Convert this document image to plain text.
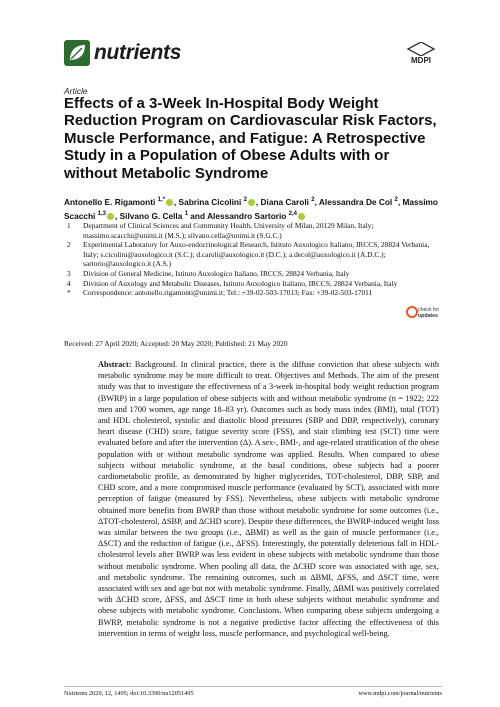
nutrients	MDPI
Article
Effects of a 3-Week In-Hospital Body Weight Reduction Program on Cardiovascular Risk Factors, Muscle Performance, and Fatigue: A Retrospective Study in a Population of Obese Adults with or without Metabolic Syndrome
Antonello E. Rigamonti $^{1,*}$ , Sabrina Cicolini $^2$ , Diana Caroli $^2$, Alessandra De Col $^2$, Massimo Scacchi $^{1,3}$ , Silvano G. Cella $^1$ and Alessandro Sartorio $^{2,4}$
1	Department of Clinical Sciences and Community Health, University of Milan, 20129 Milan, Italy; massimo.scacchi@unimi.it (M.S.); silvano.cella@unimi.it (S.G.C.)
2	Experimental Laboratory for Auxo-endocrinological Research, Istituto Auxologico Italiano, IRCCS, 28824 Verbania, Italy; s.cicolini@auxologico.it (S.C.); d.caroli@auxologico.it (D.C.); a.decol@auxologico.it (A.D.C.); sartorio@auxologico.it (A.S.)
3	Division of General Medicine, Istituto Auxologico Italiano, IRCCS, 28824 Verbania, Italy
4	Division of Auxology and Metabolic Diseases, Istituto Auxologico Italiano, IRCCS, 28824 Verbania, Italy
*	Correspondence: antonello.rigamonti@unimi.it; Tel.: +39-02-503-17013; Fax: +39-02-503-17011
check for
updates
Received: 27 April 2020; Accepted: 20 May 2020; Published: 21 May 2020

Abstract: Background. In clinical practice, there is the diffuse conviction that obese subjects with metabolic syndrome may be more difficult to treat. Objectives and Methods. The aim of the present study was that to investigate the effectiveness of a 3-week in-hospital body weight reduction program (BWRP) in a large population of obese subjects with and without metabolic syndrome (n = 1922; 222 men and 1700 women, age range 18–83 yr). Outcomes such as body mass index (BMI), total (TOT) and HDL cholesterol, systolic and diastolic blood pressures (SBP and DBP, respectively), coronary heart disease (CHD) score, fatigue severity score (FSS), and stair climbing test (SCT) time were evaluated before and after the intervention (Δ). A sex-, BMI-, and age-related stratification of the obese population with or without metabolic syndrome was applied. Results. When compared to obese subjects without metabolic syndrome, at the basal conditions, obese subjects had a poorer cardiometabolic profile, as demonstrated by higher triglycerides, TOT-cholesterol, DBP, SBP, and CHD score, and a more compromised muscle performance (evaluated by SCT), associated with more perception of fatigue (measured by FSS). Nevertheless, obese subjects with metabolic syndrome obtained more benefits from BWRP than those without metabolic syndrome for some outcomes (i.e., ΔTOT-cholesterol, ΔSBP, and ΔCHD score). Despite these differences, the BWRP-induced weight loss was similar between the two groups (i.e., ΔBMI) as well as the gain of muscle performance (i.e., ΔSCT) and the reduction of fatigue (i.e., ΔFSS). Interestingly, the potentially deleterious fall in HDL-cholesterol levels after BWRP was less evident in obese subjects with metabolic syndrome than those without metabolic syndrome. When pooling all data, the ΔCHD score was associated with age, sex, and metabolic syndrome. The remaining outcomes, such as ΔBMI, ΔFSS, and ΔSCT time, were associated with sex and age but not with metabolic syndrome. Finally, ΔBMI was positively correlated with ΔCHD score, ΔFSS, and ΔSCT time in both obese subjects without metabolic syndrome and obese subjects with metabolic syndrome. Conclusions. When comparing obese subjects undergoing a BWRP, metabolic syndrome is not a negative predictive factor affecting the effectiveness of this intervention in terms of weight loss, muscle performance, and psychological well-being.

Nutrients 2020, 12, 1495; doi:10.3390/nu12051495	www.mdpi.com/journal/nutrients
